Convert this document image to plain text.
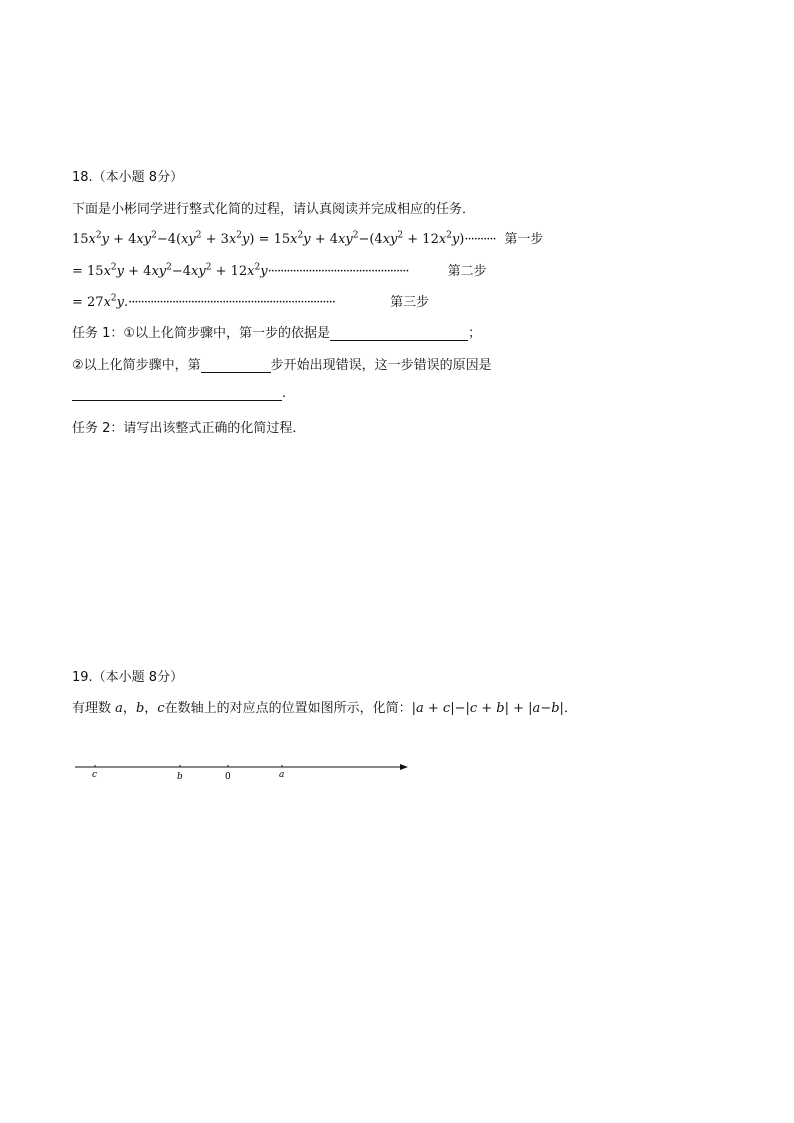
18.（本小题 8分）
下面是小彬同学进行整式化简的过程，请认真阅读并完成相应的任务．
$15x^2y + 4xy^2-4(xy^2 + 3x^2y) = 15x^2y + 4xy^2-(4xy^2 + 12x^2y)\cdot\cdot\cdot\cdot\cdot\cdot\cdot\cdot\cdot\cdot$ 第一步
= $15x^2y + 4xy^2-4xy^2 + 12x^2y\cdot\cdot\cdot\cdot\cdot\cdot\cdot\cdot\cdot\cdot\cdot\cdot\cdot\cdot\cdot\cdot\cdot\cdot\cdot\cdot\cdot\cdot\cdot\cdot\cdot\cdot\cdot\cdot\cdot\cdot\cdot\cdot\cdot\cdot\cdot\cdot\cdot\cdot\cdot\cdot\cdot\cdot\cdot\cdot\cdot$	第二步
= $27x^2y.\cdot\cdot\cdot\cdot\cdot\cdot\cdot\cdot\cdot\cdot\cdot\cdot\cdot\cdot\cdot\cdot\cdot\cdot\cdot\cdot\cdot\cdot\cdot\cdot\cdot\cdot\cdot\cdot\cdot\cdot\cdot\cdot\cdot\cdot\cdot\cdot\cdot\cdot\cdot\cdot\cdot\cdot\cdot\cdot\cdot\cdot\cdot\cdot\cdot\cdot\cdot\cdot\cdot\cdot\cdot\cdot\cdot\cdot\cdot\cdot\cdot\cdot\cdot\cdot\cdot\cdot$	第三步
任务 1：①以上化简步骤中，第一步的依据是	；
②以上化简步骤中，第	步开始出现错误，这一步错误的原因是
.
任务 2：请写出该整式正确的化简过程．
19.（本小题 8分）
有理数 a，b，c在数轴上的对应点的位置如图所示，化简：|a + c|−|c + b| + |a−b|．
c	b	0	a
